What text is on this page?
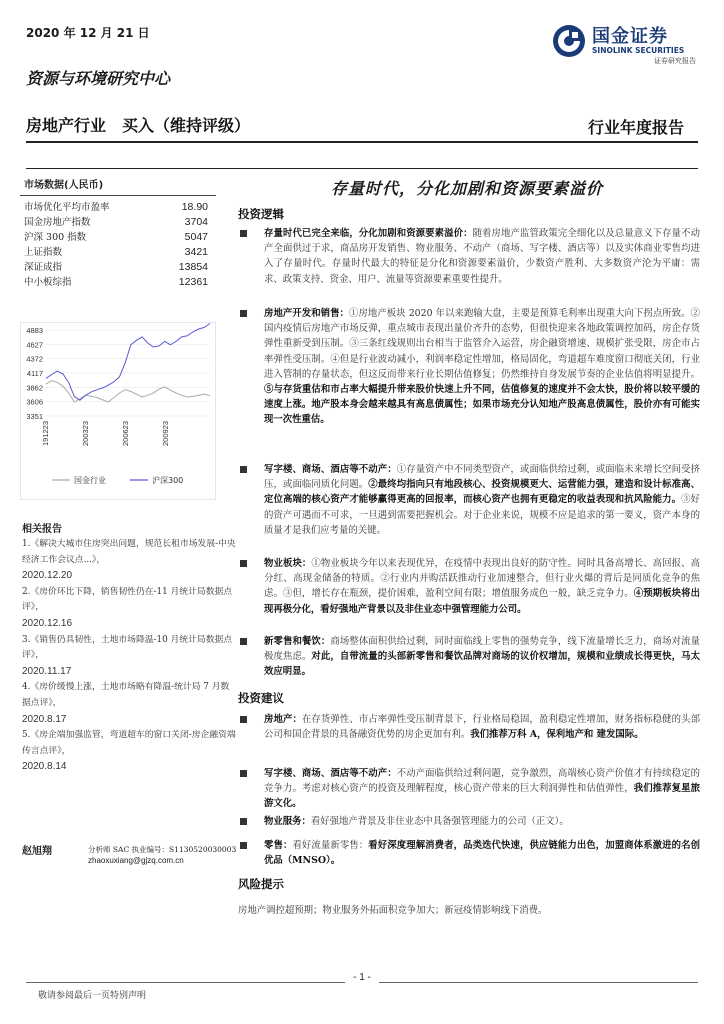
2020 年 12 月 21 日	国金证券
SINOLINK SECURITIES
证券研究报告
资源与环境研究中心
房地产行业　买入（维持评级）	行业年度报告
市场数据(人民币)
市场优化平均市盈率	18.90
国金房地产指数	3704
沪深 300 指数	5047
上证指数	3421
深证成指	13854
中小板综指	12361
4883
4627
4372
4117
3862
3606
3351
191223	200323	200623	200923
国金行业	沪深300
相关报告
1.《解决大城市住房突出问题，规范长租市场发展-中央经济工作会议点...》，
2020.12.20
2.《房价环比下降，销售韧性仍在-11 月统计局数据点评》，
2020.12.16
3.《销售仍具韧性，土地市场降温-10 月统计局数据点评》，
2020.11.17
4.《房价缓慢上涨，土地市场略有降温-统计局 7 月数据点评》，
2020.8.17
5.《房企端加强监管，弯道超车的窗口关闭-房企融资端传言点评》，
2020.8.14
赵旭翔	分析师 SAC 执业编号：S1130520030003
zhaoxuxiang@gjzq.com.cn
存量时代，分化加剧和资源要素溢价
投资逻辑
存量时代已完全来临，分化加剧和资源要素溢价：随着房地产监管政策完全细化以及总量意义下存量不动产全面供过于求，商品房开发销售、物业服务、不动产（商场、写字楼、酒店等）以及实体商业零售均进入了存量时代。存量时代最大的特征是分化和资源要素溢价，少数资产胜利、大多数资产沦为平庸：需求、政策支持、资金、用户、流量等资源要素重要性提升。
房地产开发和销售：①房地产板块 2020 年以来跑输大盘，主要是预算毛利率出现重大向下拐点所致。②国内疫情后房地产市场反弹，重点城市表现出量价齐升的态势，但很快迎来各地政策调控加码，房企存货弹性重新受到压制。③三条红线规则出台相当于监管介入运营，房企融资增速、规模扩张受限，房企市占率弹性受压制。④但是行业波动减小，利润率稳定性增加，格局固化，弯道超车难度窗口彻底关闭，行业进入管制的存量状态，但这反而带来行业长期估值修复；仍然维持自身发展节奏的企业估值将明显提升。⑤与存货重估和市占率大幅提升带来股价快速上升不同，估值修复的速度并不会太快，股价将以较平缓的速度上涨。地产股本身会越来越具有高息债属性；如果市场充分认知地产股高息债属性，股价亦有可能实现一次性重估。
写字楼、商场、酒店等不动产：①存量资产中不同类型资产，或面临供给过剩，或面临未来增长空间受挤压，或面临同质化问题。②最终均指向只有地段核心、投资规模更大、运营能力强，建造和设计标准高、定位高端的核心资产才能够赢得更高的回报率，而核心资产也拥有更稳定的收益表现和抗风险能力。③好的资产可遇而不可求，一旦遇到需要把握机会。对于企业来说，规模不应是追求的第一要义，资产本身的质量才是我们应考量的关键。
物业板块：①物业板块今年以来表现优异，在疫情中表现出良好的防守性。同时具备高增长、高回报、高分红、高现金储备的特质。②行业内并购活跃推动行业加速整合，但行业火爆的背后是同质化竞争的焦虑。③但，增长存在瓶颈，提价困难，盈利空间有限；增值服务成色一般，缺乏竞争力。④预期板块将出现再极分化，看好强地产背景以及非住业态中强管理能力公司。
新零售和餐饮：商场整体面积供给过剩，同时面临线上零售的强势竞争，线下流量增长乏力，商场对流量极度焦虑。对此，自带流量的头部新零售和餐饮品牌对商场的议价权增加，规模和业绩成长得更快，马太效应明显。
投资建议
房地产：在存货弹性、市占率弹性受压制背景下，行业格局稳固，盈利稳定性增加，财务指标稳健的头部公司和国企背景的具备融资优势的房企更加有利。我们推荐万科 A，保利地产和 建发国际。
写字楼、商场、酒店等不动产：不动产面临供给过剩问题，竞争激烈，高端核心资产价值才有持续稳定的竞争力。考虑对核心资产的投资及理解程度，核心资产带来的巨大利润弹性和估值弹性，我们推荐复星旅游文化。
物业服务：看好强地产背景及非住业态中具备强管理能力的公司（正文）。
零售：看好流量新零售：看好深度理解消费者，品类迭代快速，供应链能力出色，加盟商体系激进的名创优品（MNSO）。
风险提示
房地产调控超预期；物业服务外拓面积竞争加大；新冠疫情影响线下消费。
- 1 -
敬请参阅最后一页特别声明
